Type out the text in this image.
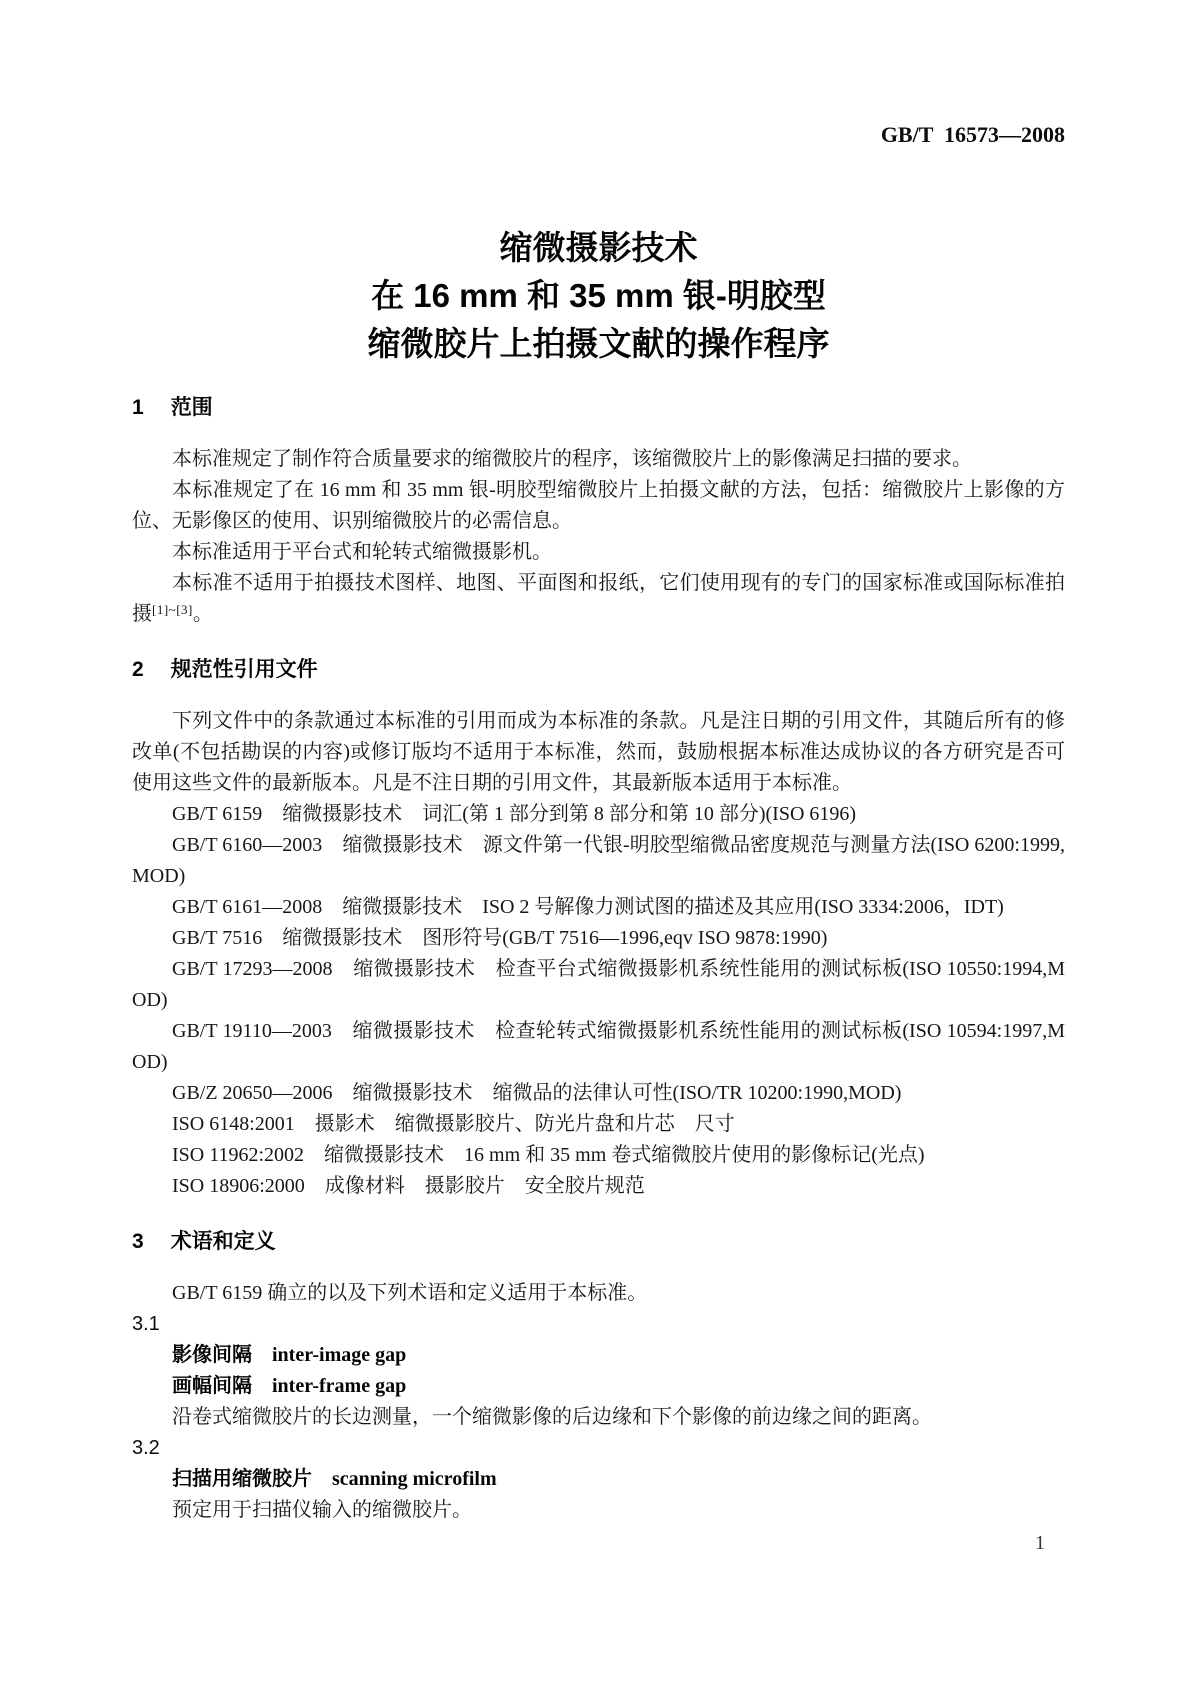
GB/T  16573—2008
缩微摄影技术
在 16 mm 和 35 mm 银-明胶型
缩微胶片上拍摄文献的操作程序
1 范围

本标准规定了制作符合质量要求的缩微胶片的程序，该缩微胶片上的影像满足扫描的要求。

本标准规定了在 16 mm 和 35 mm 银-明胶型缩微胶片上拍摄文献的方法，包括：缩微胶片上影像的方位、无影像区的使用、识别缩微胶片的必需信息。

本标准适用于平台式和轮转式缩微摄影机。

本标准不适用于拍摄技术图样、地图、平面图和报纸，它们使用现有的专门的国家标准或国际标准拍摄[1]~[3]。

2 规范性引用文件

下列文件中的条款通过本标准的引用而成为本标准的条款。凡是注日期的引用文件，其随后所有的修改单(不包括勘误的内容)或修订版均不适用于本标准，然而，鼓励根据本标准达成协议的各方研究是否可使用这些文件的最新版本。凡是不注日期的引用文件，其最新版本适用于本标准。

GB/T 6159　缩微摄影技术　词汇(第 1 部分到第 8 部分和第 10 部分)(ISO 6196)

GB/T 6160—2003　缩微摄影技术　源文件第一代银-明胶型缩微品密度规范与测量方法(ISO 6200:1999,MOD)

GB/T 6161—2008　缩微摄影技术　ISO 2 号解像力测试图的描述及其应用(ISO 3334:2006，IDT)

GB/T 7516　缩微摄影技术　图形符号(GB/T 7516—1996,eqv ISO 9878:1990)

GB/T 17293—2008　缩微摄影技术　检查平台式缩微摄影机系统性能用的测试标板(ISO 10550:1994,MOD)

GB/T 19110—2003　缩微摄影技术　检查轮转式缩微摄影机系统性能用的测试标板(ISO 10594:1997,MOD)

GB/Z 20650—2006　缩微摄影技术　缩微品的法律认可性(ISO/TR 10200:1990,MOD)

ISO 6148:2001　摄影术　缩微摄影胶片、防光片盘和片芯　尺寸

ISO 11962:2002　缩微摄影技术　16 mm 和 35 mm 卷式缩微胶片使用的影像标记(光点)

ISO 18906:2000　成像材料　摄影胶片　安全胶片规范

3 术语和定义

GB/T 6159 确立的以及下列术语和定义适用于本标准。

3.1

影像间隔　inter-image gap

画幅间隔　inter-frame gap

沿卷式缩微胶片的长边测量，一个缩微影像的后边缘和下个影像的前边缘之间的距离。

3.2

扫描用缩微胶片　scanning microfilm

预定用于扫描仪输入的缩微胶片。

1
